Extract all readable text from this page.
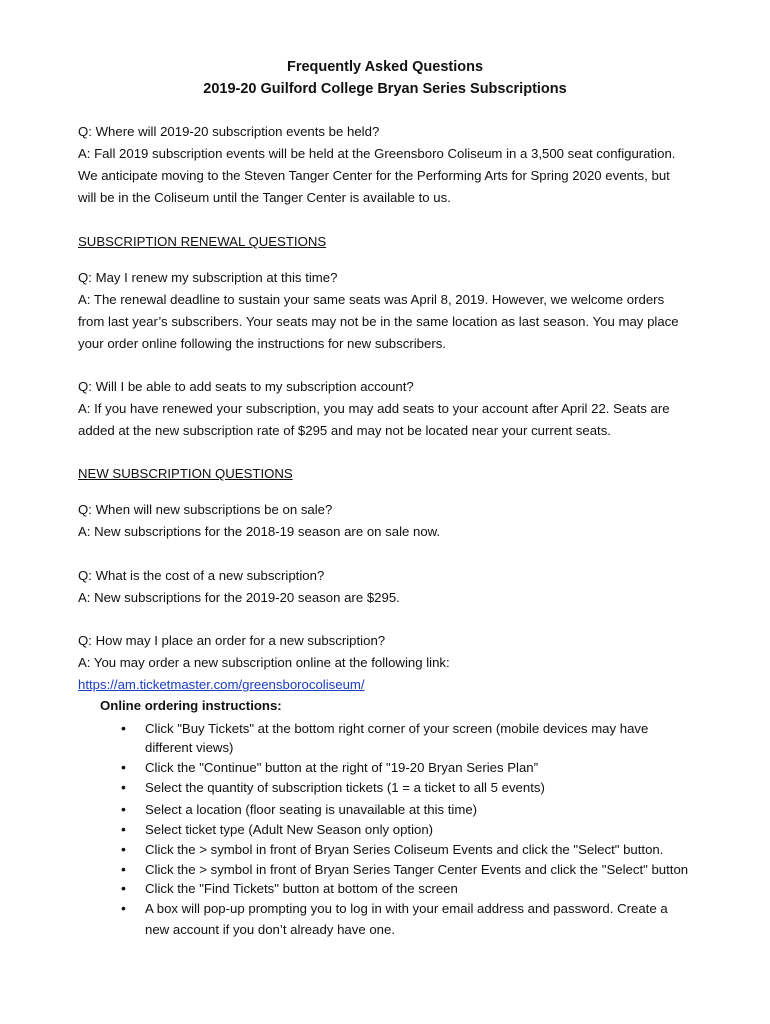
Frequently Asked Questions
2019-20 Guilford College Bryan Series Subscriptions
Q: Where will 2019-20 subscription events be held?
A: Fall 2019 subscription events will be held at the Greensboro Coliseum in a 3,500 seat configuration.
We anticipate moving to the Steven Tanger Center for the Performing Arts for Spring 2020 events, but
will be in the Coliseum until the Tanger Center is available to us.
SUBSCRIPTION RENEWAL QUESTIONS
Q: May I renew my subscription at this time?
A: The renewal deadline to sustain your same seats was April 8, 2019. However, we welcome orders
from last year’s subscribers. Your seats may not be in the same location as last season. You may place
your order online following the instructions for new subscribers.
Q: Will I be able to add seats to my subscription account?
A: If you have renewed your subscription, you may add seats to your account after April 22. Seats are
added at the new subscription rate of $295 and may not be located near your current seats.
NEW SUBSCRIPTION QUESTIONS
Q: When will new subscriptions be on sale?
A: New subscriptions for the 2018-19 season are on sale now.
Q: What is the cost of a new subscription?
A: New subscriptions for the 2019-20 season are $295.
Q: How may I place an order for a new subscription?
A: You may order a new subscription online at the following link:
https://am.ticketmaster.com/greensborocoliseum/
Online ordering instructions:
• Click "Buy Tickets" at the bottom right corner of your screen (mobile devices may have
different views)
• Click the "Continue" button at the right of "19-20 Bryan Series Plan”
• Select the quantity of subscription tickets (1 = a ticket to all 5 events)
• Select a location (floor seating is unavailable at this time)
• Select ticket type (Adult New Season only option)
• Click the > symbol in front of Bryan Series Coliseum Events and click the "Select" button.
• Click the > symbol in front of Bryan Series Tanger Center Events and click the "Select" button
• Click the "Find Tickets" button at bottom of the screen
• A box will pop-up prompting you to log in with your email address and password. Create a
new account if you don’t already have one.
